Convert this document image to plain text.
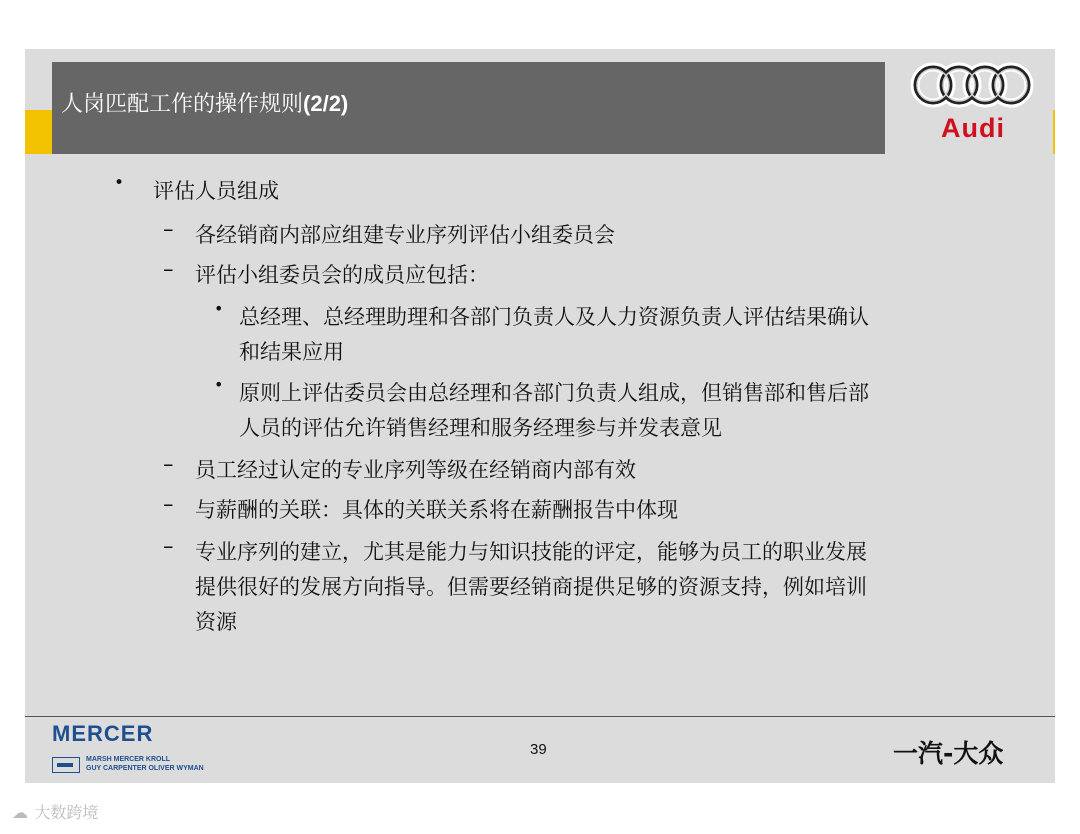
人岗匹配工作的操作规则(2/2)
Audi
• 评估人员组成
– 各经销商内部应组建专业序列评估小组委员会
– 评估小组委员会的成员应包括：
• 总经理、总经理助理和各部门负责人及人力资源负责人评估结果确认
和结果应用
• 原则上评估委员会由总经理和各部门负责人组成，但销售部和售后部
人员的评估允许销售经理和服务经理参与并发表意见
– 员工经过认定的专业序列等级在经销商内部有效
– 与薪酬的关联：具体的关联关系将在薪酬报告中体现
– 专业序列的建立，尤其是能力与知识技能的评定，能够为员工的职业发展
提供很好的发展方向指导。但需要经销商提供足够的资源支持，例如培训
资源
MERCER
MARSH MERCER KROLL
GUY CARPENTER OLIVER WYMAN
39	一汽-大众
☁ 大数跨境
